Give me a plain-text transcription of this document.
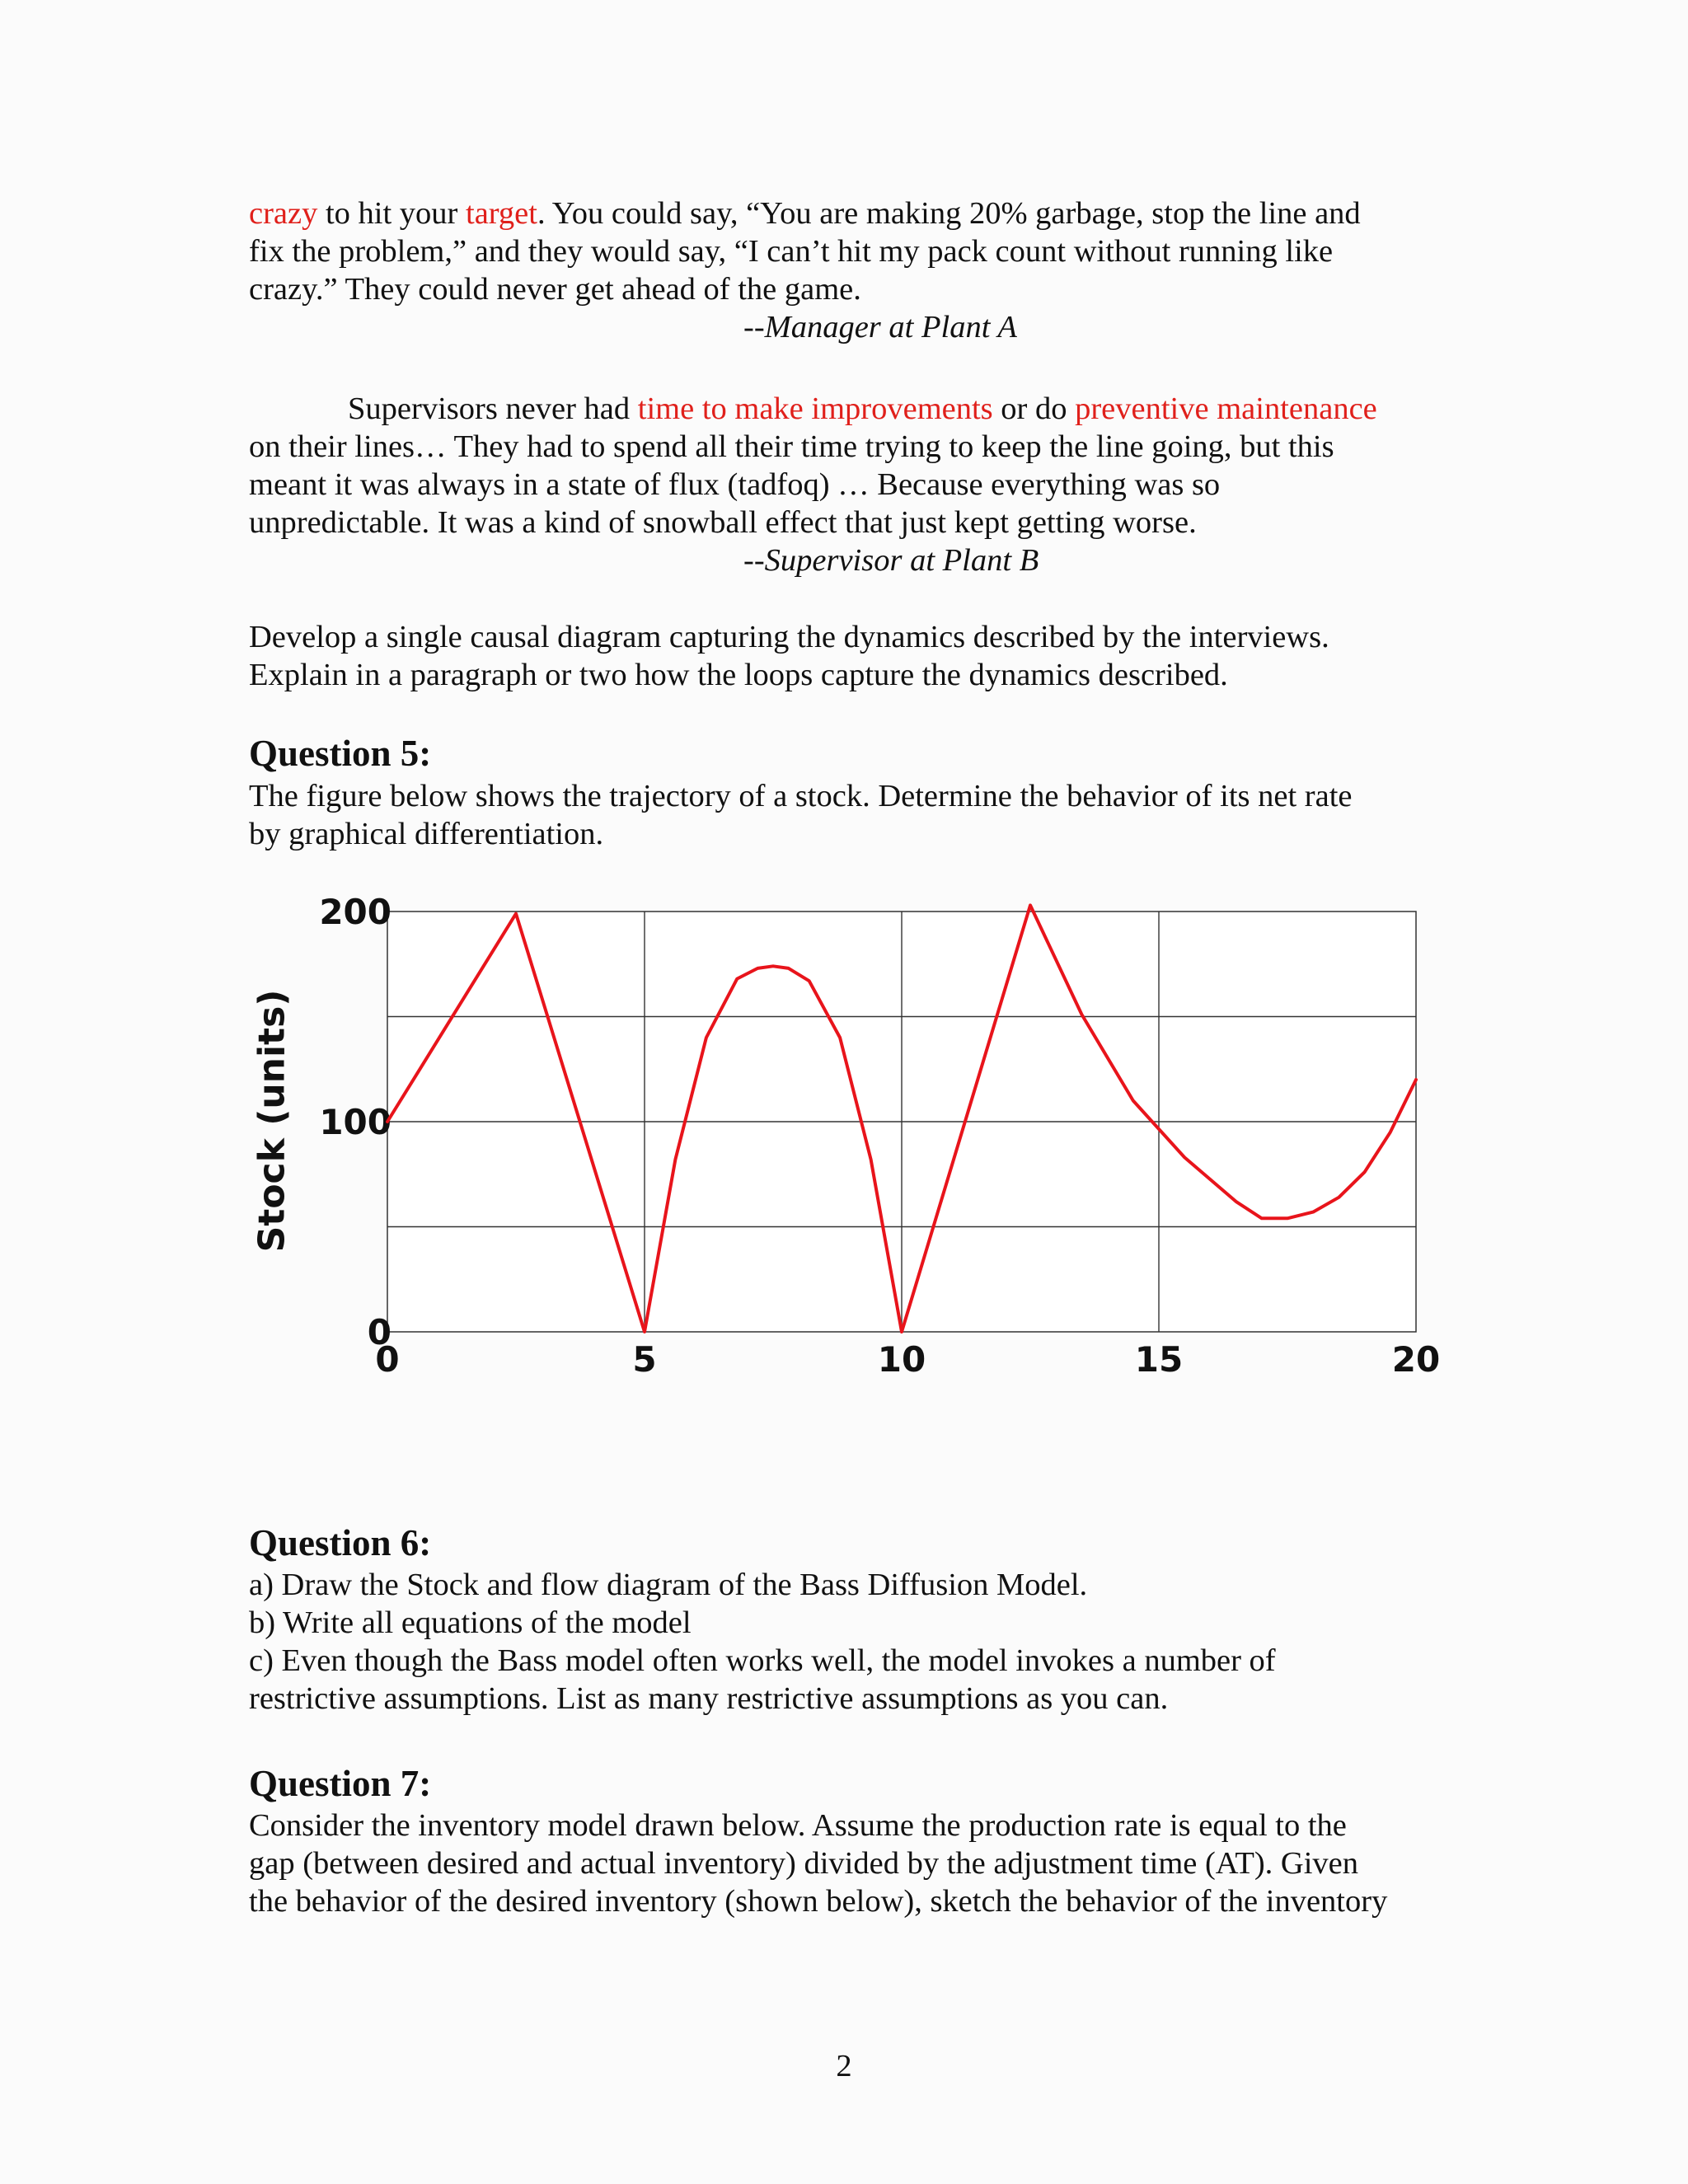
crazy to hit your target. You could say, “You are making 20% garbage, stop the line and
fix the problem,” and they would say, “I can’t hit my pack count without running like
crazy.” They could never get ahead of the game.
--Manager at Plant A

Supervisors never had time to make improvements or do preventive maintenance
on their lines… They had to spend all their time trying to keep the line going, but this
meant it was always in a state of flux (tadfoq) … Because everything was so
unpredictable. It was a kind of snowball effect that just kept getting worse.
--Supervisor at Plant B

Develop a single causal diagram capturing the dynamics described by the interviews.
Explain in a paragraph or two how the loops capture the dynamics described.

Question 5:

The figure below shows the trajectory of a stock. Determine the behavior of its net rate
by graphical differentiation.

Stock (units)
0	5	10	15	20
0
100
200
Question 6:

a) Draw the Stock and flow diagram of the Bass Diffusion Model.
b) Write all equations of the model
c) Even though the Bass model often works well, the model invokes a number of
restrictive assumptions. List as many restrictive assumptions as you can.

Question 7:

Consider the inventory model drawn below. Assume the production rate is equal to the
gap (between desired and actual inventory) divided by the adjustment time (AT). Given
the behavior of the desired inventory (shown below), sketch the behavior of the inventory

2
